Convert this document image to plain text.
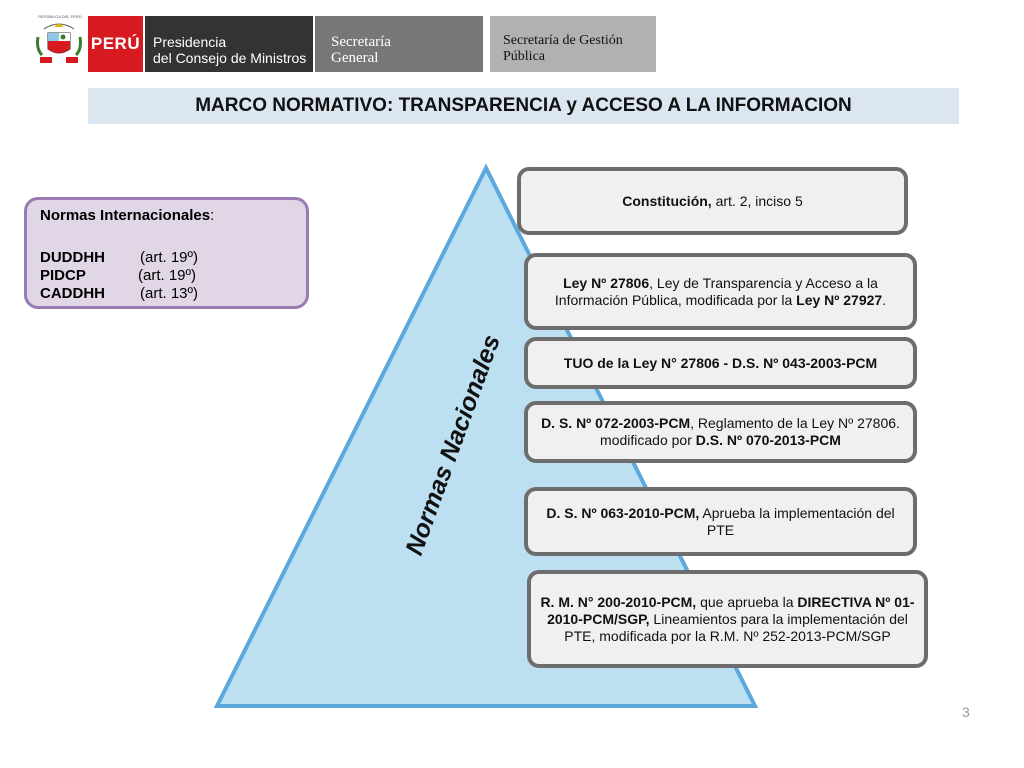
REPÚBLICA DEL PERÚ
PERÚ Presidencia
del Consejo de Ministros
Secretaría
General
Secretaría de Gestión
Pública
MARCO NORMATIVO: TRANSPARENCIA y ACCESO A LA INFORMACION
Normas Internacionales:
DUDDHH (art. 19º)
PIDCP	(art. 19º)
CADDHH (art. 13º)
Normas Nacionales
Constitución, art. 2, inciso 5
Ley Nº 27806, Ley de Transparencia y Acceso a la Información Pública, modificada por la Ley Nº 27927.
TUO de la Ley N° 27806 - D.S. Nº 043-2003-PCM
D. S. Nº 072-2003-PCM, Reglamento de la Ley Nº 27806. modificado por D.S. Nº 070-2013-PCM
D. S. Nº 063-2010-PCM, Aprueba la implementación del PTE
R. M. N° 200-2010-PCM, que aprueba la DIRECTIVA Nº 01-2010-PCM/SGP, Lineamientos para la implementación del PTE, modificada por la R.M. Nº 252-2013-PCM/SGP
3
